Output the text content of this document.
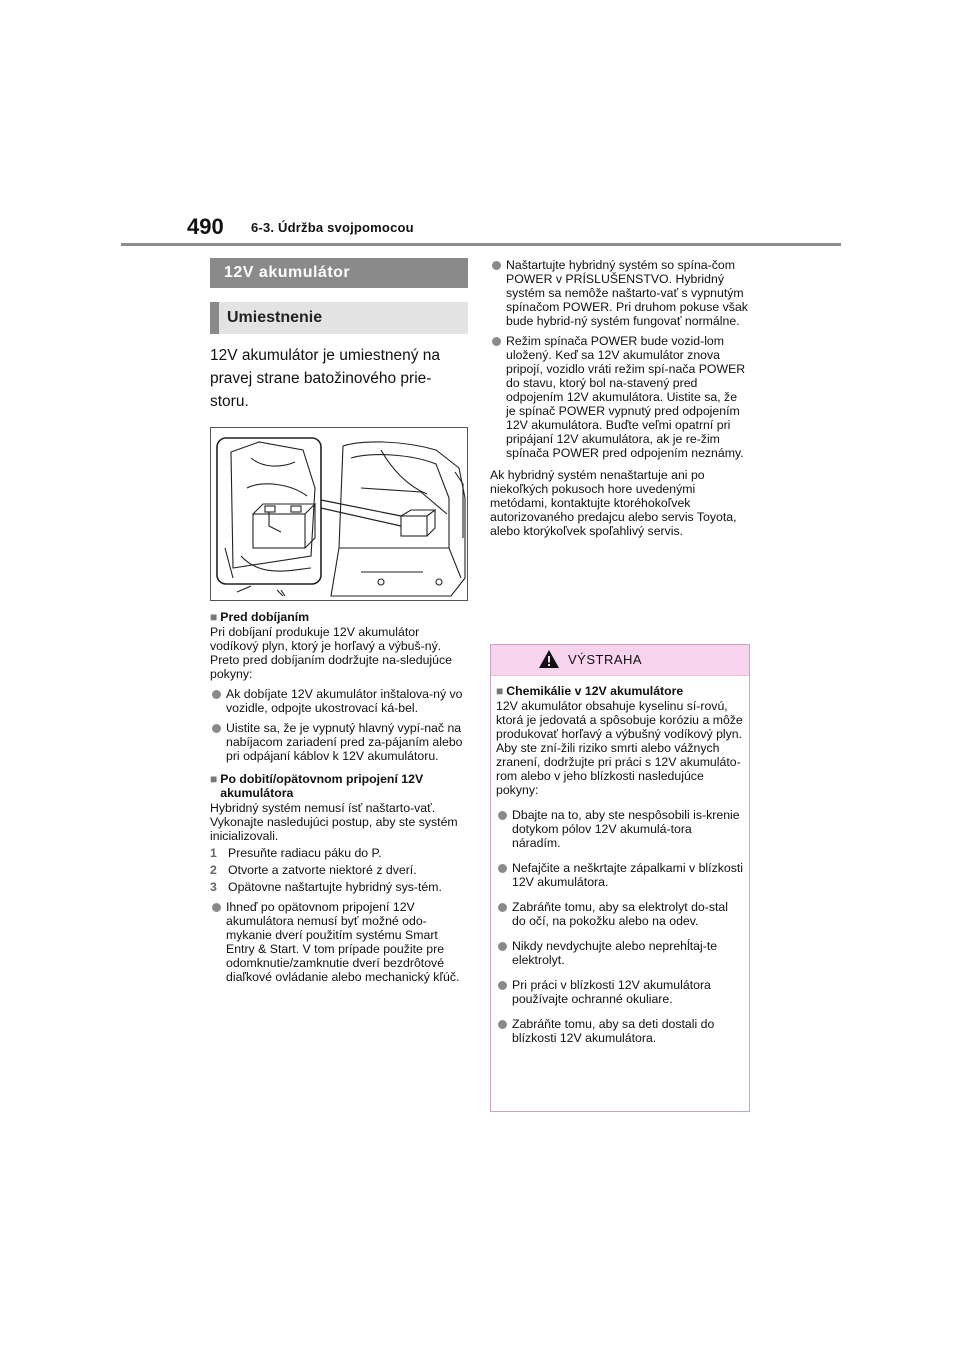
490 6-3. Údržba svojpomocou
12V akumulátor
Umiestnenie

12V akumulátor je umiestnený na pravej strane batožinového prie-storu.

■ Pred dobíjaním
Pri dobíjaní produkuje 12V akumulátor vodíkový plyn, ktorý je horľavý a výbuš-ný. Preto pred dobíjaním dodržujte na-sledujúce pokyny:
Ak dobíjate 12V akumulátor inštalova-ný vo vozidle, odpojte ukostrovací ká-bel.
Uistite sa, že je vypnutý hlavný vypí-nač na nabíjacom zariadení pred za-pájaním alebo pri odpájaní káblov k 12V akumulátoru.
■ Po dobití/opätovnom pripojení 12V akumulátora
Hybridný systém nemusí ísť naštarto-vať. Vykonajte nasledujúci postup, aby ste systém inicializovali.
1 Presuňte radiacu páku do P.
2 Otvorte a zatvorte niektoré z dverí.
3 Opätovne naštartujte hybridný sys-tém.
Ihneď po opätovnom pripojení 12V akumulátora nemusí byť možné odo-mykanie dverí použitím systému Smart Entry & Start. V tom prípade použite pre odomknutie/zamknutie dverí bezdrôtové diaľkové ovládanie alebo mechanický kľúč.
Naštartujte hybridný systém so spína-čom POWER v PRÍSLUŠENSTVO. Hybridný systém sa nemôže naštarto-vať s vypnutým spínačom POWER. Pri druhom pokuse však bude hybrid-ný systém fungovať normálne.
Režim spínača POWER bude vozid-lom uložený. Keď sa 12V akumulátor znova pripojí, vozidlo vráti režim spí-nača POWER do stavu, ktorý bol na-stavený pred odpojením 12V akumulátora. Uistite sa, že je spínač POWER vypnutý pred odpojením 12V akumulátora. Buďte veľmi opatrní pri pripájaní 12V akumulátora, ak je re-žim spínača POWER pred odpojením neznámy.
Ak hybridný systém nenaštartuje ani po niekoľkých pokusoch hore uvedenými metódami, kontaktujte ktoréhokoľvek autorizovaného predajcu alebo servis Toyota, alebo ktorýkoľvek spoľahlivý servis.
VÝSTRAHA
■ Chemikálie v 12V akumulátore
12V akumulátor obsahuje kyselinu sí-rovú, ktorá je jedovatá a spôsobuje koróziu a môže produkovať horľavý a výbušný vodíkový plyn. Aby ste zní-žili riziko smrti alebo vážnych zranení, dodržujte pri práci s 12V akumuláto-rom alebo v jeho blízkosti nasledujúce pokyny:
Dbajte na to, aby ste nespôsobili is-krenie dotykom pólov 12V akumulá-tora náradím.
Nefajčite a neškrtajte zápalkami v blízkosti 12V akumulátora.
Zabráňte tomu, aby sa elektrolyt do-stal do očí, na pokožku alebo na odev.
Nikdy nevdychujte alebo neprehĺtaj-te elektrolyt.
Pri práci v blízkosti 12V akumulátora používajte ochranné okuliare.
Zabráňte tomu, aby sa deti dostali do blízkosti 12V akumulátora.
